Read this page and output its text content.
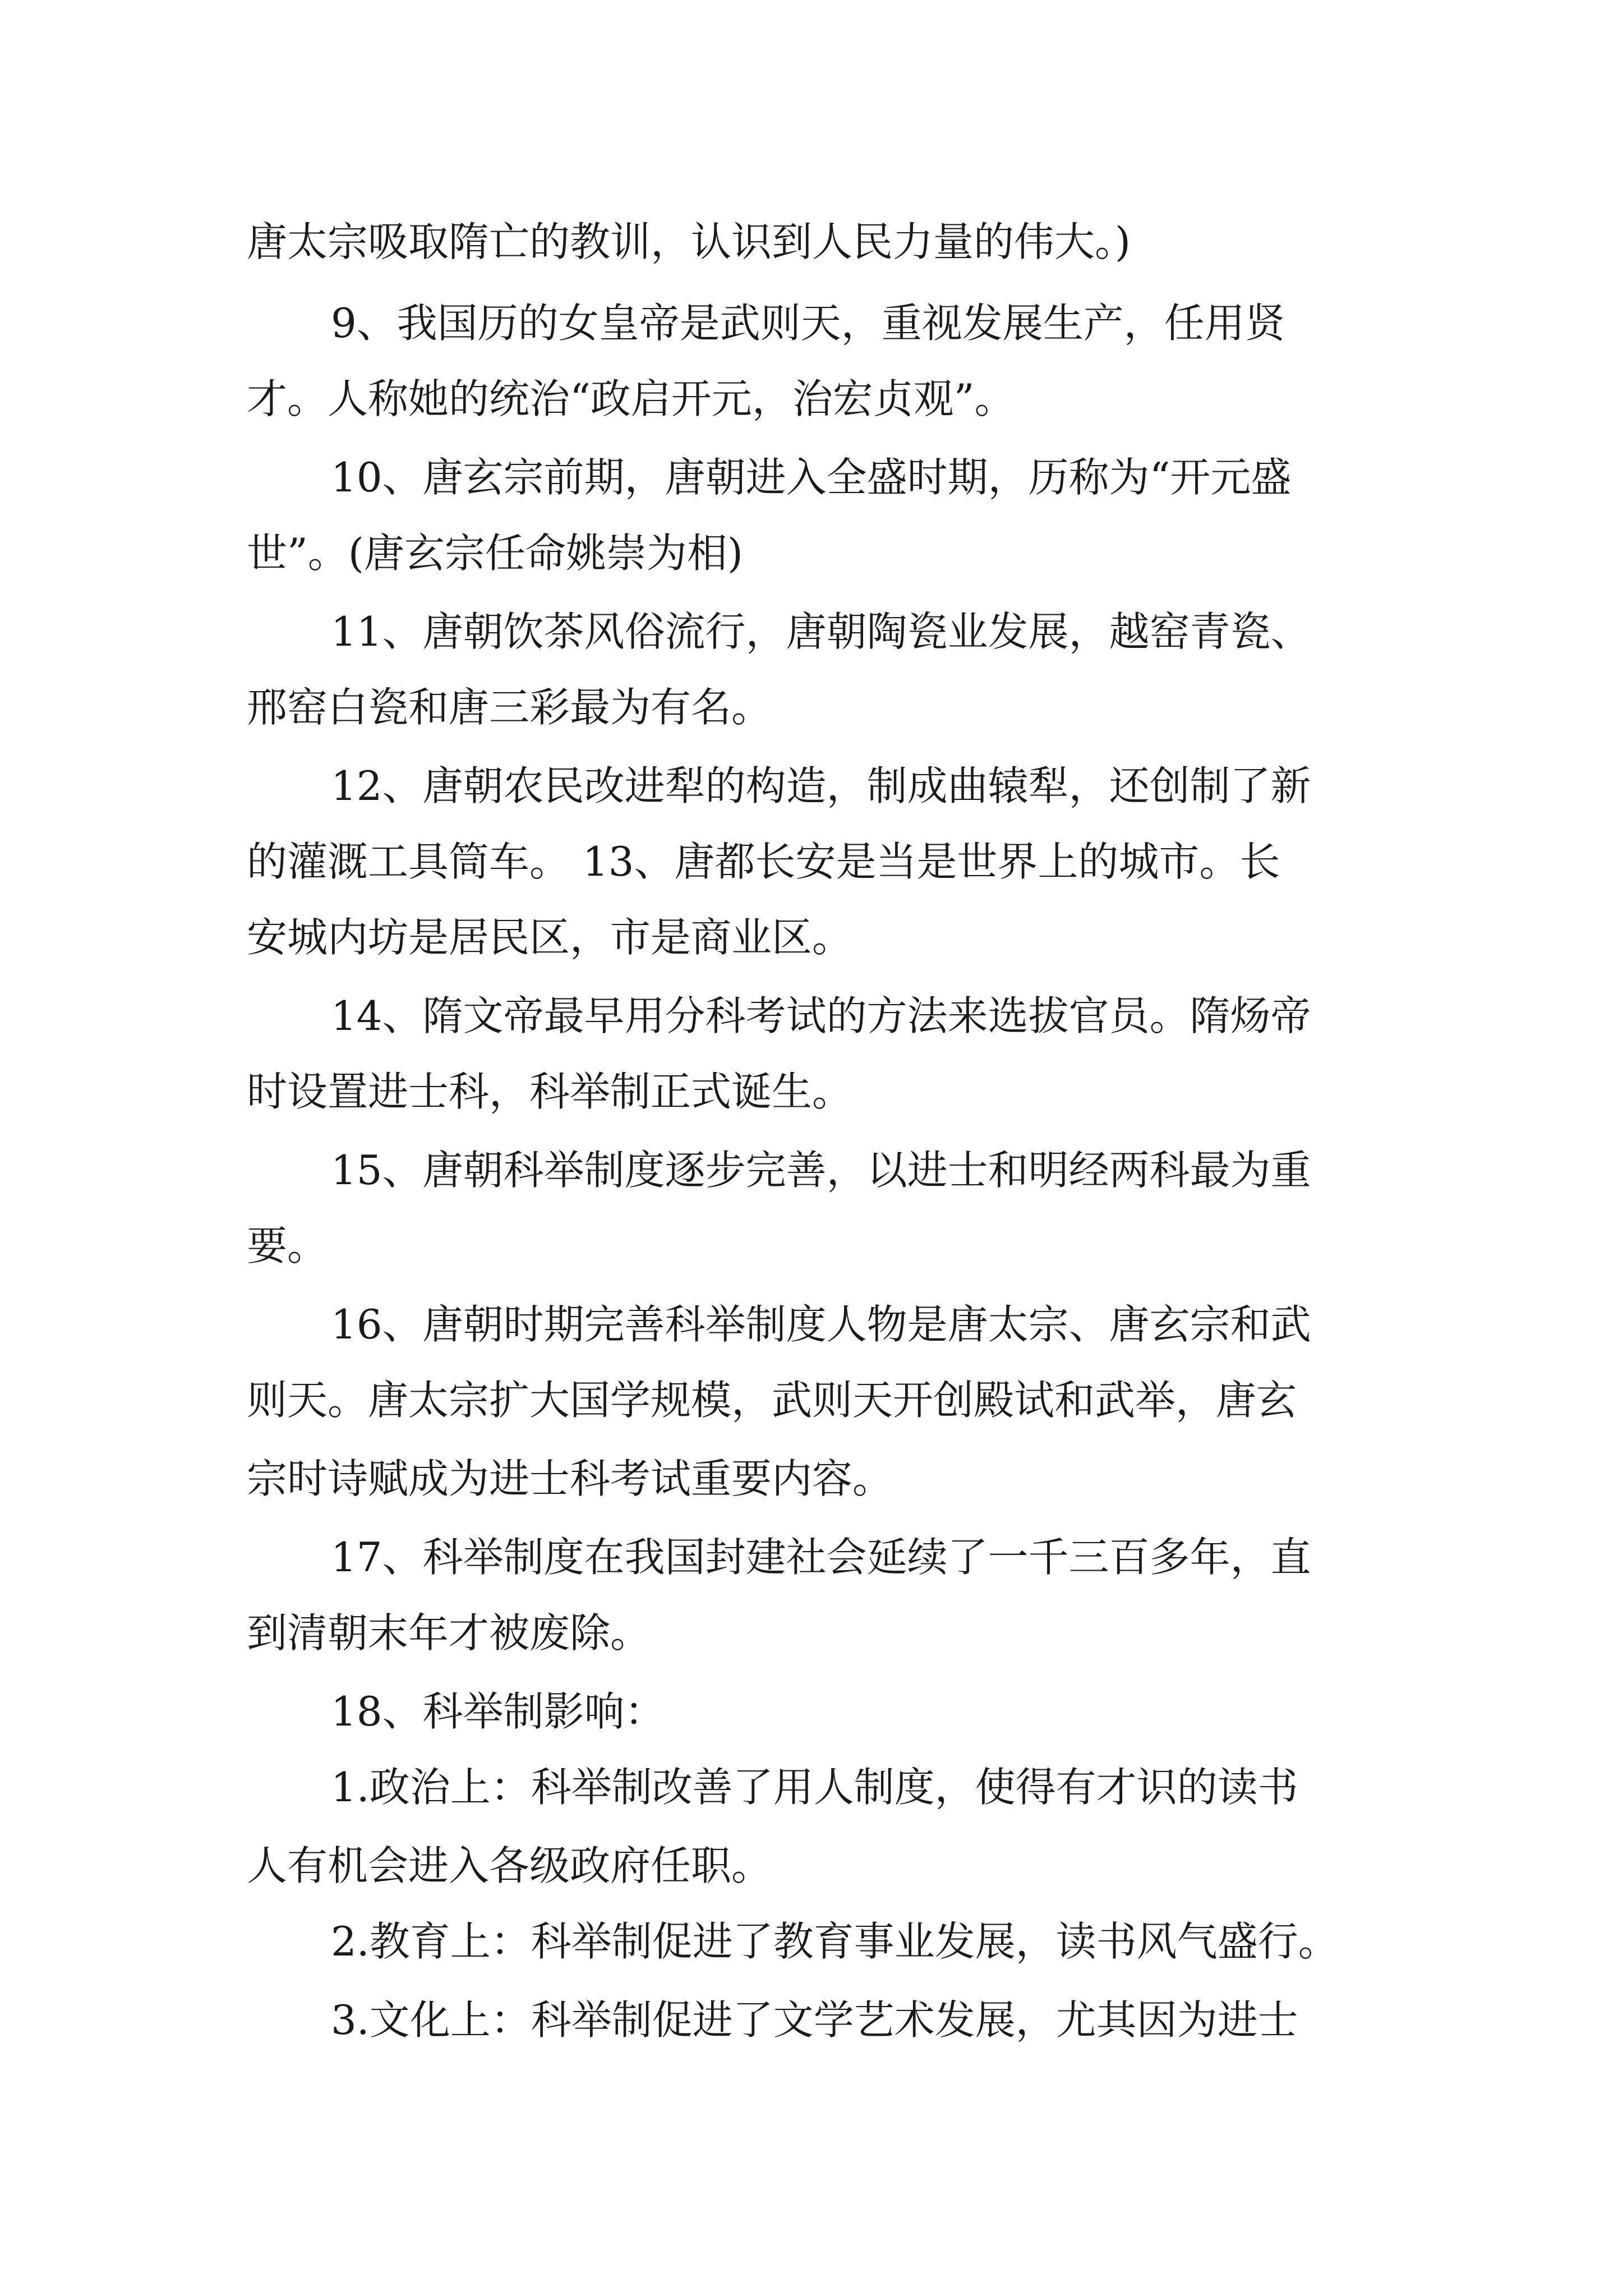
唐太宗吸取隋亡的教训，认识到人民力量的伟大。)
9、我国历的女皇帝是武则天，重视发展生产，任用贤
才。人称她的统治“政启开元，治宏贞观”。
10、唐玄宗前期，唐朝进入全盛时期，历称为“开元盛
世”。(唐玄宗任命姚崇为相)
11、唐朝饮茶风俗流行，唐朝陶瓷业发展，越窑青瓷、
邢窑白瓷和唐三彩最为有名。
12、唐朝农民改进犁的构造，制成曲辕犁，还创制了新
的灌溉工具筒车。 13、唐都长安是当是世界上的城市。长
安城内坊是居民区，市是商业区。
14、隋文帝最早用分科考试的方法来选拔官员。隋炀帝
时设置进士科，科举制正式诞生。
15、唐朝科举制度逐步完善，以进士和明经两科最为重
要。
16、唐朝时期完善科举制度人物是唐太宗、唐玄宗和武
则天。唐太宗扩大国学规模，武则天开创殿试和武举，唐玄
宗时诗赋成为进士科考试重要内容。
17、科举制度在我国封建社会延续了一千三百多年，直
到清朝末年才被废除。
18、科举制影响：
1.政治上：科举制改善了用人制度，使得有才识的读书
人有机会进入各级政府任职。
2.教育上：科举制促进了教育事业发展，读书风气盛行。
3.文化上：科举制促进了文学艺术发展，尤其因为进士
